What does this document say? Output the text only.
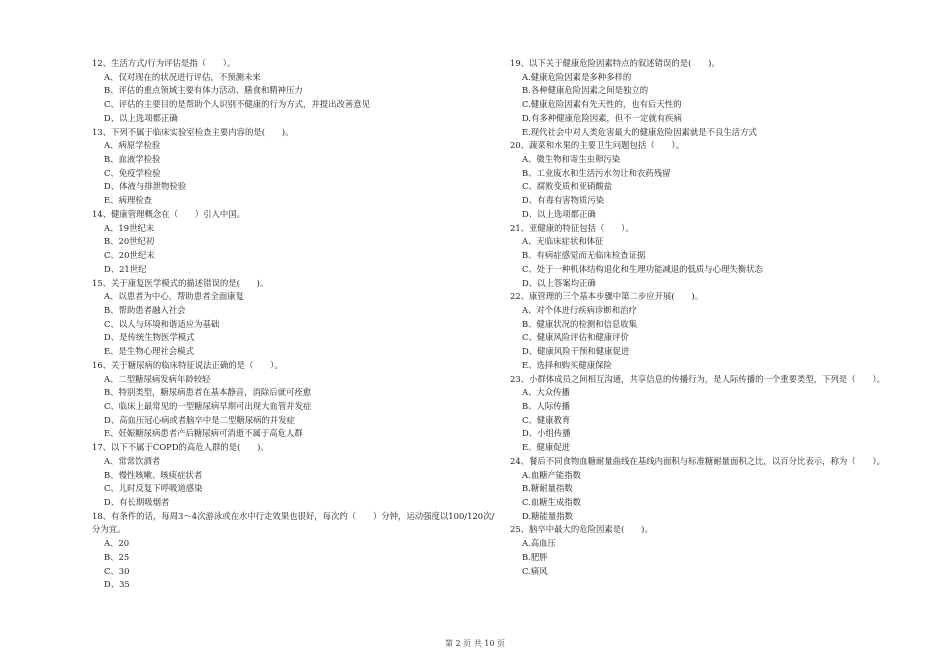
12、生活方式/行为评估是指（　　）。

A、仅对现在的状况进行评估，不预测未来

B、评估的重点领域主要有体力活动、膳食和精神压力

C、评估的主要目的是帮助个人识别不健康的行为方式，并提出改善意见

D、以上选项都正确

13、下列不属于临床实验室检查主要内容的是(　　)。

A、病原学检验

B、血液学检验

C、免疫学检验

D、体液与排泄物检验

E、病理检查

14、健康管理概念在（　　）引入中国。

A、19世纪末

B、20世纪初

C、20世纪末

D、21世纪

15、关于康复医学模式的描述错误的是(　　)。

A、以患者为中心，帮助患者全面康复

B、帮助患者融入社会

C、以人与环境和谐适应为基础

D、是传统生物医学模式

E、是生物心理社会模式

16、关于糖尿病的临床特征说法正确的是（　　）。

A、二型糖尿病发病年龄较轻

B、特别类型，糖尿病患者在基本静音，消除后就可痊愈

C、临床上最常见的一型糖尿病早期可出现大血管并发症

D、高血压冠心病或者脑卒中是二型糖尿病的并发症

E、妊娠糖尿病患者产后糖尿病可消逝不属于高危人群

17、以下不属于COPD的高危人群的是(　　)。

A、常常饮酒者

B、慢性咳嗽、咳痰症状者

C、儿时反复下呼吸道感染

D、有长期吸烟者

18、有条件的话，每周3～4次游泳或在水中行走效果也很好，每次约（　　）分钟，运动强度以100/120次/分为宜。

A、20

B、25

C、30

D、35

19、以下关于健康危险因素特点的叙述错误的是(　　)。

A.健康危险因素是多种多样的

B.各种健康危险因素之间是独立的

C.健康危险因素有先天性的，也有后天性的

D.有多种健康危险因素，但不一定就有疾病

E.现代社会中对人类危害最大的健康危险因素就是不良生活方式

20、蔬菜和水果的主要卫生问题包括（　　）。

A、微生物和寄生虫卵污染

B、工业废水和生活污水勿让和农药残留

C、腐败变质和亚硝酸盐

D、有毒有害物质污染

D、以上选项都正确

21、亚健康的特征包括（　　）。

A、无临床症状和体征

B、有病症感觉而无临床检查证据

C、处于一种机体结构退化和生理功能减退的低质与心理失衡状态

D、以上答案均正确

22、康管理的三个基本步骤中第二步应开展(　　)。

A、对个体进行疾病诊断和治疗

B、健康状况的检测和信息收集

C、健康风险评估和健康评价

D、健康风险干预和健康促进

E、选择和购买健康保险

23、小群体成员之间相互沟通，共享信息的传播行为，是人际传播的一个重要类型，下列是（　　）。

A、大众传播

B、人际传播

C、健康教育

D、小组传播

E、健康促进

24、餐后不同食物血糖耐量曲线在基线内面积与标准糖耐量面积之比，以百分比表示，称为（　　）。

A.血糖产能指数

B.糖耐量指数

C.血糖生成指数

D.糖能量指数

25、脑卒中最大的危险因素是(　　)。

A.高血压

B.肥胖

C.痛风

第 2 页 共 10 页
